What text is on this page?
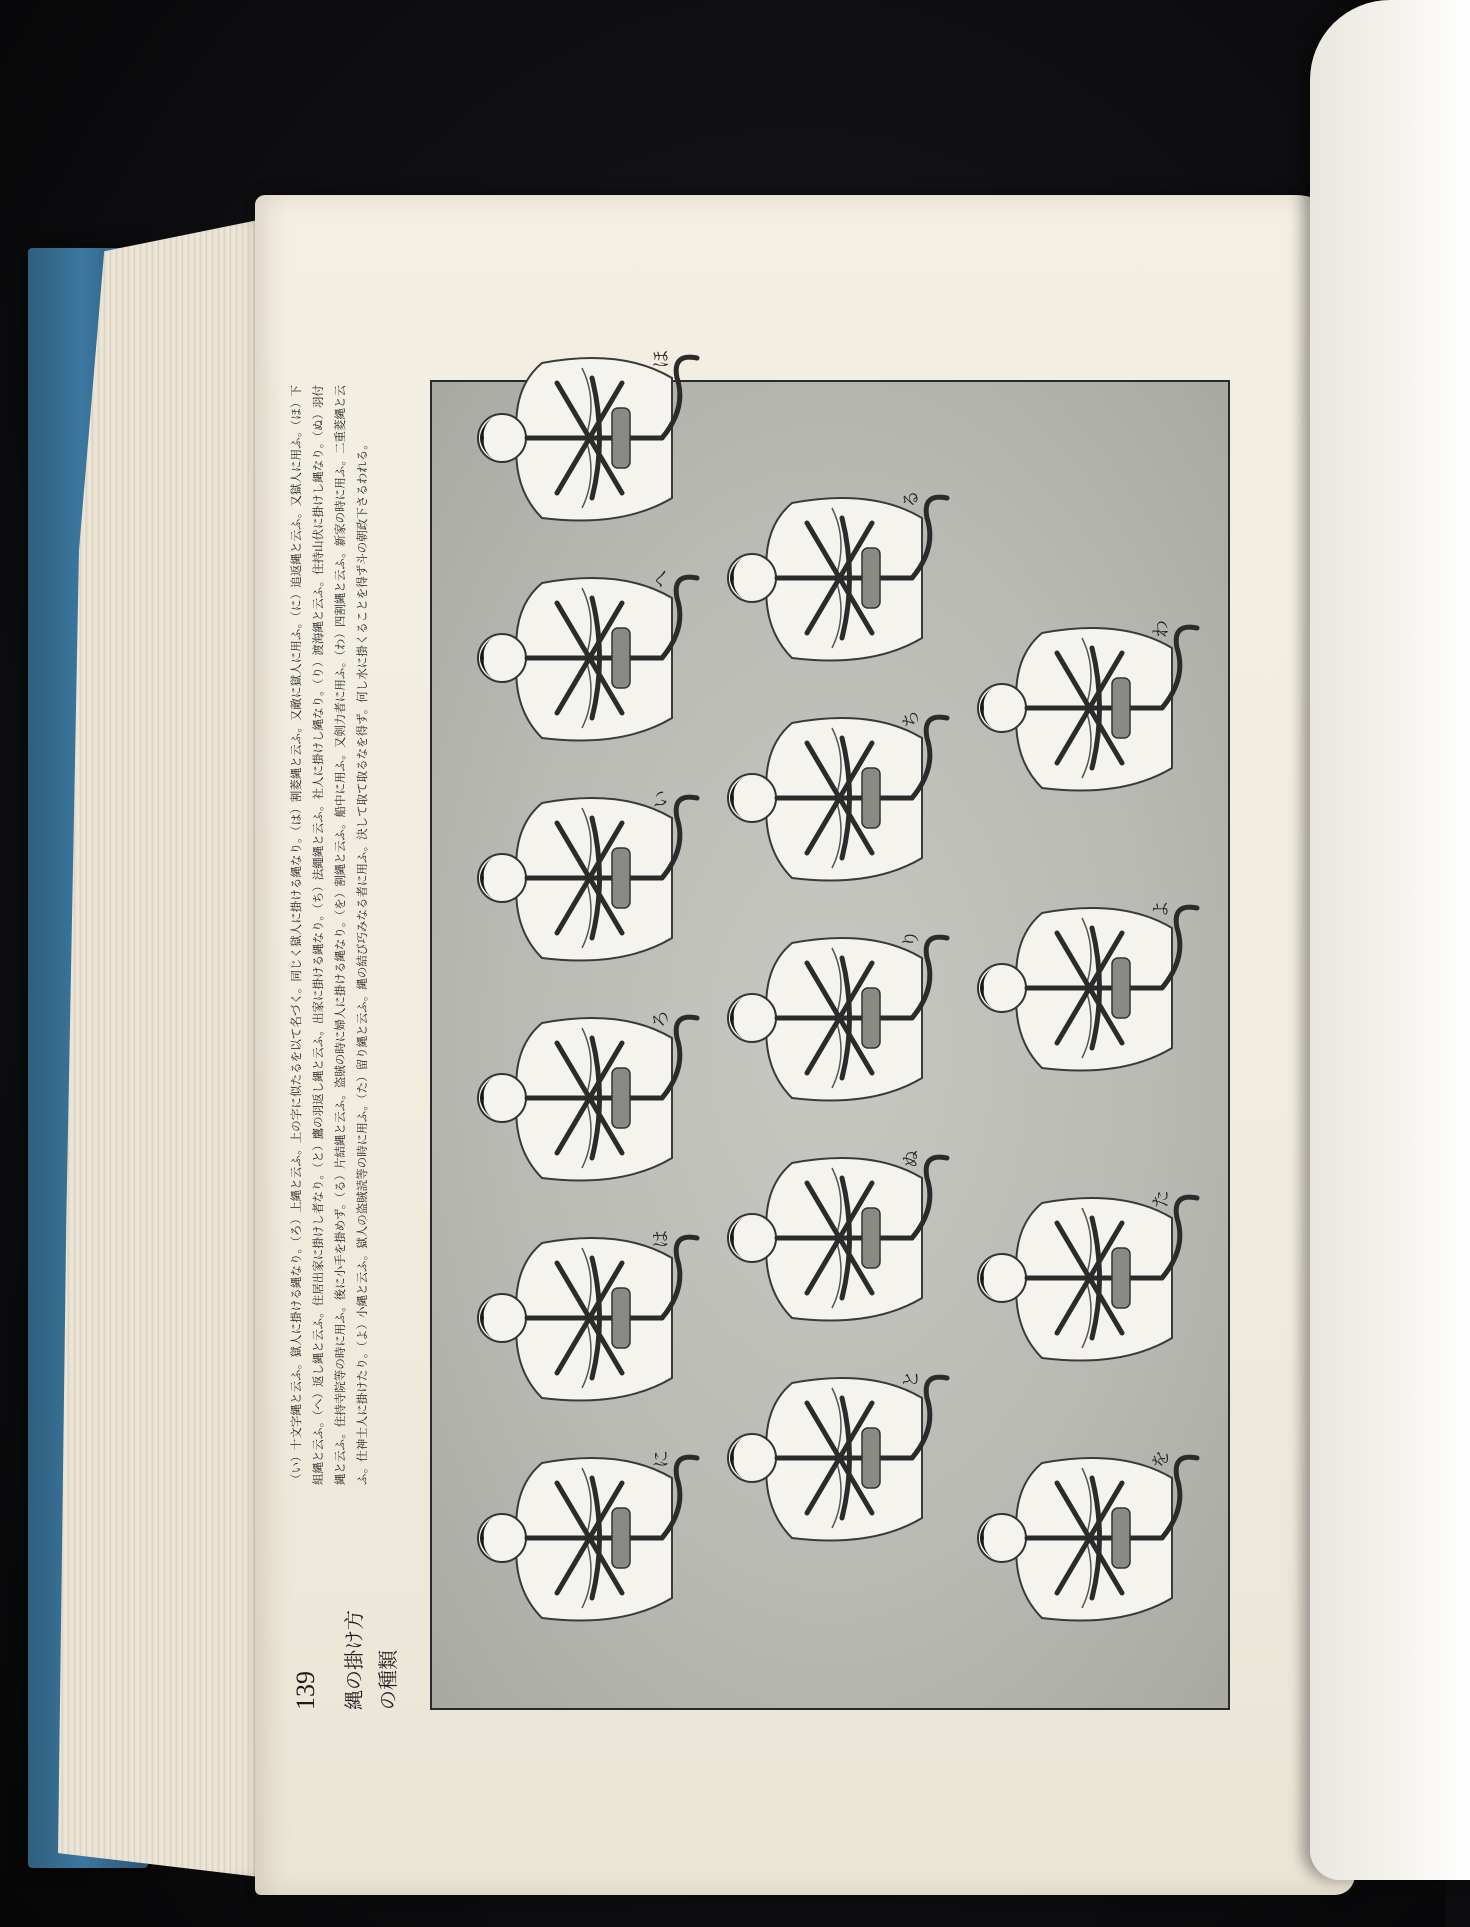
139 縄の掛け方 の種類
（い）十文字縄と云ふ。獄人に掛ける縄なり。（ろ）上縄と云ふ。上の字に似たるを以て名づく。同じく獄人に掛ける縄なり。（は）割菱縄と云ふ。又敵に獄人に用ふ。（に）追返縄と云ふ。又獄人に用ふ。（ほ）下組縄と云ふ。（へ）返し縄と云ふ。住居出家に掛けし者なり。（と）鷹の羽返し縄と云ふ。出家に掛ける縄なり。（ち）法繩縄と云ふ。社人に掛けし縄なり。（り）渡海縄と云ふ。住持山伏に掛けし縄なり。（ぬ）羽付縄と云ふ。住持寺院等の時に用ふ。後に小手を掛めず。（る）片結縄と云ふ。盗賊の時に婦人に掛ける縄なり。（を）割縄と云ふ。船中に用ふ。又剣力者に用ふ。（わ）四割縄と云ふ。新家の時に用ふ。二重菱縄と云ふ。仕神士人に掛けたり。（よ）小縄と云ふ。獄人の盗賊読等の時に用ふ。（た）留り縄と云ふ。縄の結び巧みなる者に用ふ。決して取て取るなを得ず。何し水に掛くることを得ず斗の朝政下さるわれる。	に
は
ろ
い
へ
ほ
と
ぬ
り
ち
る
を
た
よ
わ
